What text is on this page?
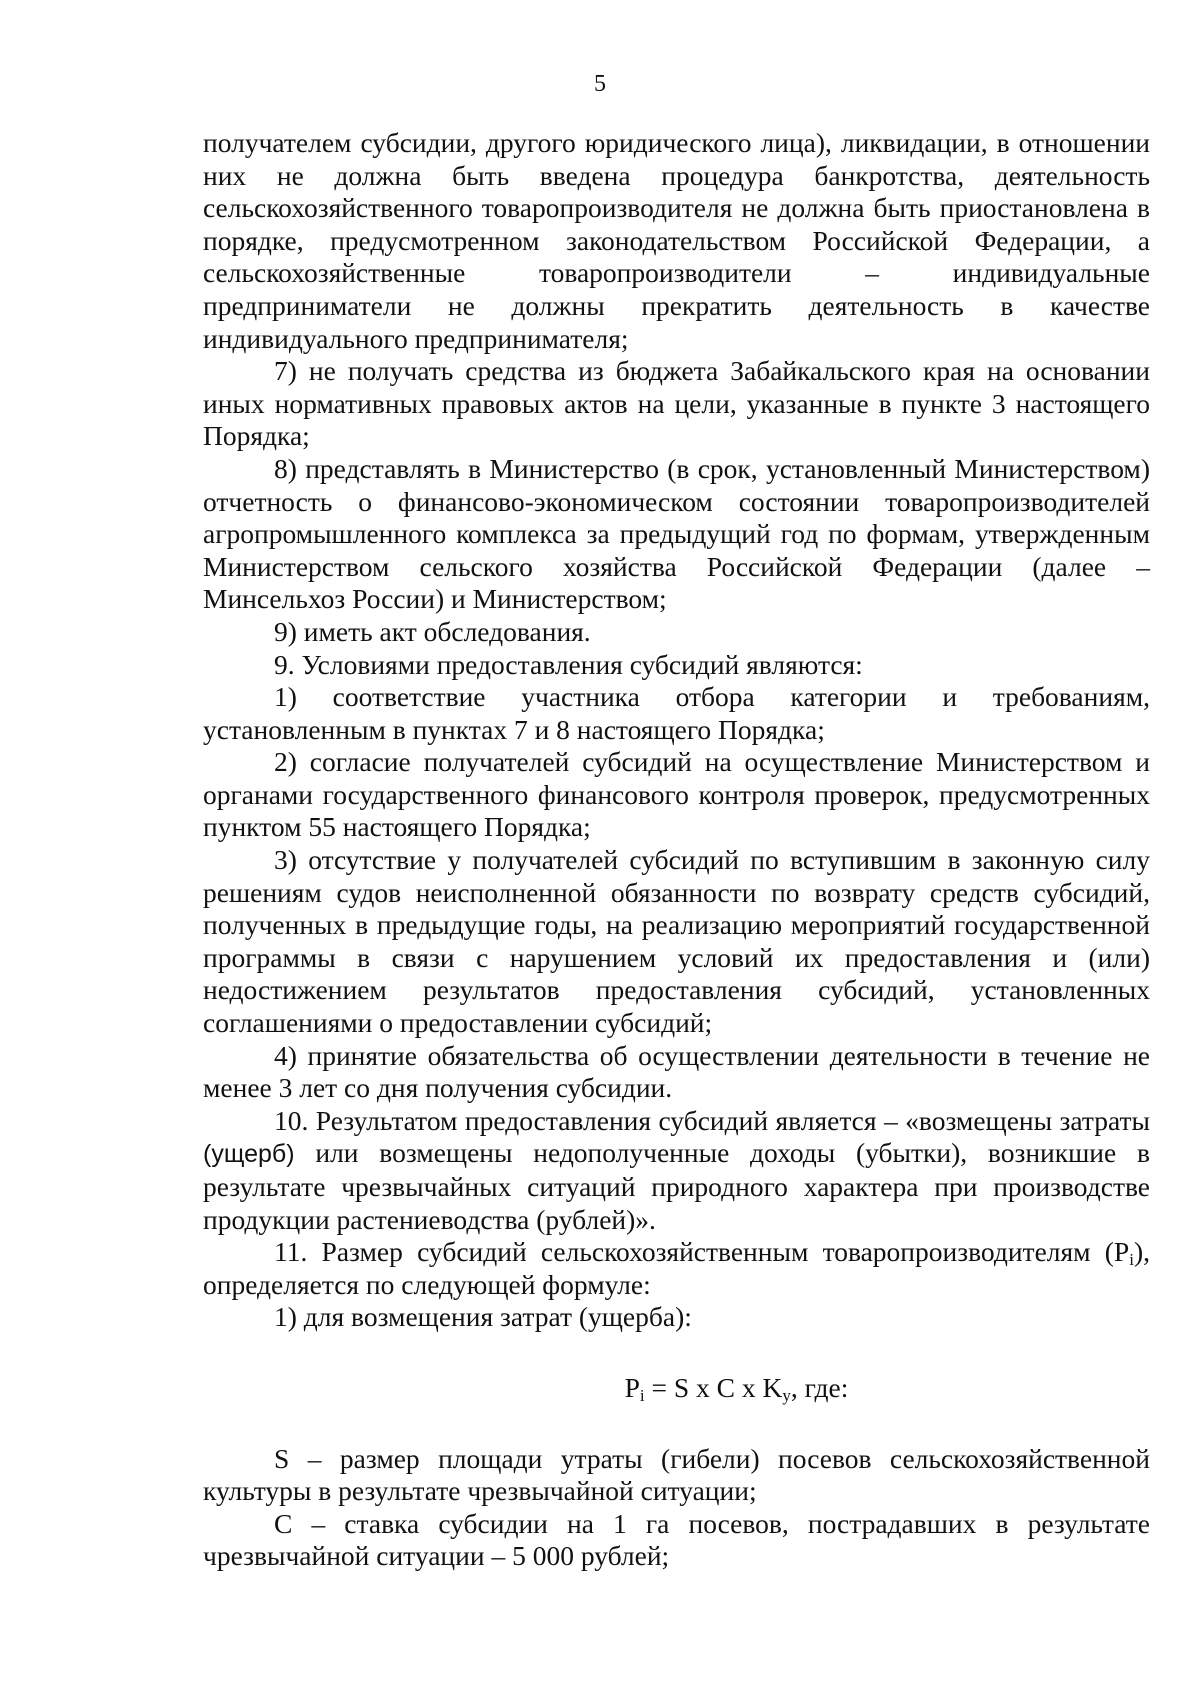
5

получателем субсидии, другого юридического лица), ликвидации, в отношении них не должна быть введена процедура банкротства, деятельность сельскохозяйственного товаропроизводителя не должна быть приостановлена в порядке, предусмотренном законодательством Российской Федерации, а сельскохозяйственные товаропроизводители – индивидуальные предприниматели не должны прекратить деятельность в качестве индивидуального предпринимателя;

7) не получать средства из бюджета Забайкальского края на основании иных нормативных правовых актов на цели, указанные в пункте 3 настоящего Порядка;

8) представлять в Министерство (в срок, установленный Министерством) отчетность о финансово-экономическом состоянии товаропроизводителей агропромышленного комплекса за предыдущий год по формам, утвержденным Министерством сельского хозяйства Российской Федерации (далее – Минсельхоз России) и Министерством;

9) иметь акт обследования.

9. Условиями предоставления субсидий являются:

1) соответствие участника отбора категории и требованиям, установленным в пунктах 7 и 8 настоящего Порядка;

2) согласие получателей субсидий на осуществление Министерством и органами государственного финансового контроля проверок, предусмотренных пунктом 55 настоящего Порядка;

3) отсутствие у получателей субсидий по вступившим в законную силу решениям судов неисполненной обязанности по возврату средств субсидий, полученных в предыдущие годы, на реализацию мероприятий государственной программы в связи с нарушением условий их предоставления и (или) недостижением результатов предоставления субсидий, установленных соглашениями о предоставлении субсидий;

4) принятие обязательства об осуществлении деятельности в течение не менее 3 лет со дня получения субсидии.

10. Результатом предоставления субсидий является – «возмещены затраты (ущерб) или возмещены недополученные доходы (убытки), возникшие в результате чрезвычайных ситуаций природного характера при производстве продукции растениеводства (рублей)».

11. Размер субсидий сельскохозяйственным товаропроизводителям $(P_i)$, определяется по следующей формуле:

1) для возмещения затрат (ущерба):

$P_i = S$ x C x $K_y$, где:

S – размер площади утраты (гибели) посевов сельскохозяйственной культуры в результате чрезвычайной ситуации;

C – ставка субсидии на 1 га посевов, пострадавших в результате чрезвычайной ситуации – 5 000 рублей;
